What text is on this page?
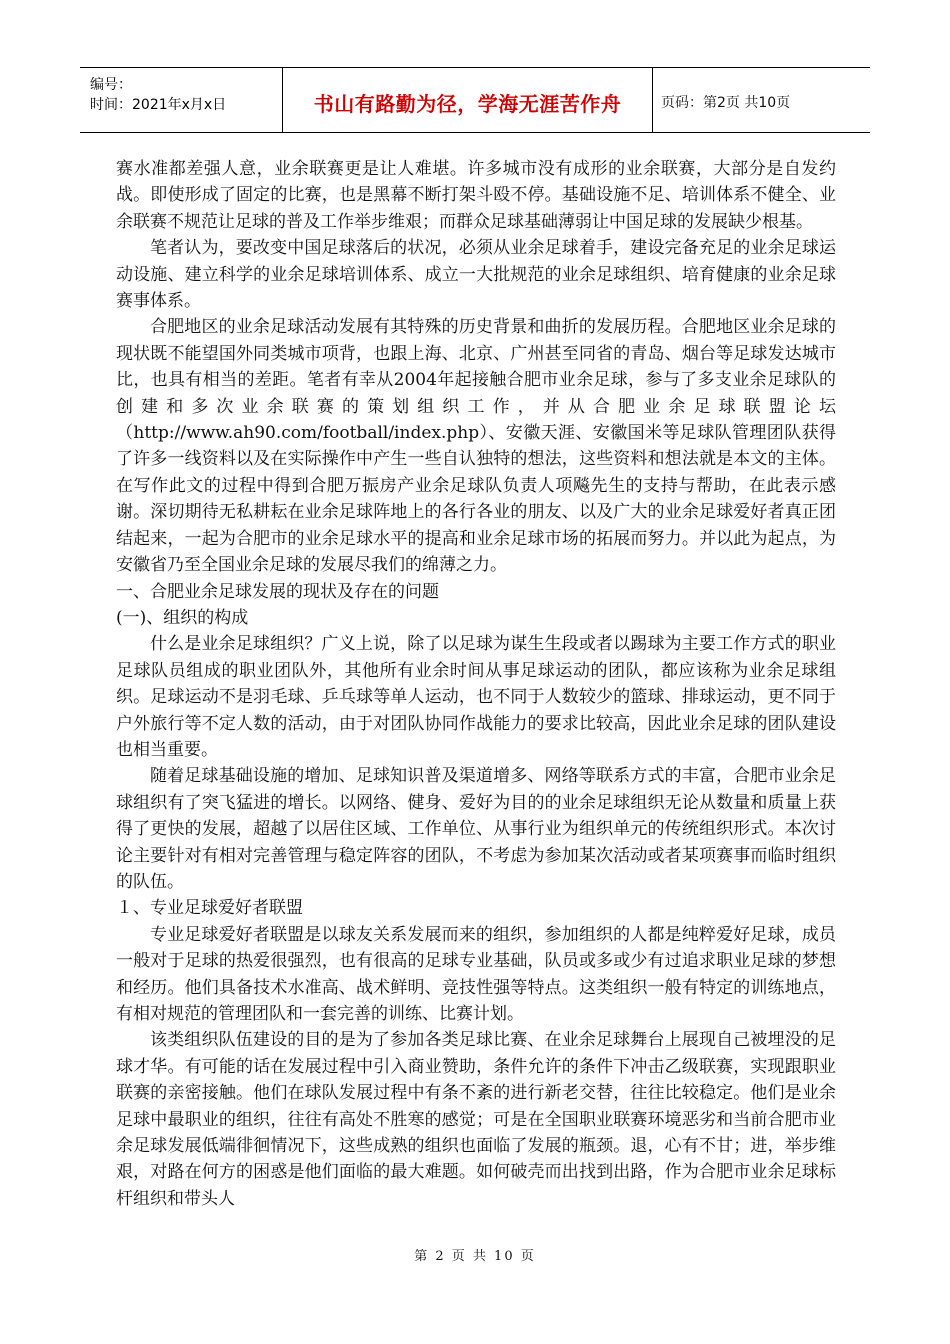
编号：
时间：2021年x月x日	书山有路勤为径，学海无涯苦作舟	页码：第2页 共10页

赛水准都差强人意，业余联赛更是让人难堪。许多城市没有成形的业余联赛，大部分是自发约战。即使形成了固定的比赛，也是黑幕不断打架斗殴不停。基础设施不足、培训体系不健全、业余联赛不规范让足球的普及工作举步维艰；而群众足球基础薄弱让中国足球的发展缺少根基。

笔者认为，要改变中国足球落后的状况，必须从业余足球着手，建设完备充足的业余足球运动设施、建立科学的业余足球培训体系、成立一大批规范的业余足球组织、培育健康的业余足球赛事体系。

合肥地区的业余足球活动发展有其特殊的历史背景和曲折的发展历程。合肥地区业余足球的现状既不能望国外同类城市项背，也跟上海、北京、广州甚至同省的青岛、烟台等足球发达城市比，也具有相当的差距。笔者有幸从2004年起接触合肥市业余足球，参与了多支业余足球队的创建和多次业余联赛的策划组织工作，并从合肥业余足球联盟论坛（http://www.ah90.com/football/index.php）、安徽天涯、安徽国米等足球队管理团队获得了许多一线资料以及在实际操作中产生一些自认独特的想法，这些资料和想法就是本文的主体。在写作此文的过程中得到合肥万振房产业余足球队负责人项飚先生的支持与帮助，在此表示感谢。深切期待无私耕耘在业余足球阵地上的各行各业的朋友、以及广大的业余足球爱好者真正团结起来，一起为合肥市的业余足球水平的提高和业余足球市场的拓展而努力。并以此为起点，为安徽省乃至全国业余足球的发展尽我们的绵薄之力。

一、合肥业余足球发展的现状及存在的问题

(一)、组织的构成

什么是业余足球组织？广义上说，除了以足球为谋生生段或者以踢球为主要工作方式的职业足球队员组成的职业团队外，其他所有业余时间从事足球运动的团队，都应该称为业余足球组织。足球运动不是羽毛球、乒乓球等单人运动，也不同于人数较少的篮球、排球运动，更不同于户外旅行等不定人数的活动，由于对团队协同作战能力的要求比较高，因此业余足球的团队建设也相当重要。

随着足球基础设施的增加、足球知识普及渠道增多、网络等联系方式的丰富，合肥市业余足球组织有了突飞猛进的增长。以网络、健身、爱好为目的的业余足球组织无论从数量和质量上获得了更快的发展，超越了以居住区域、工作单位、从事行业为组织单元的传统组织形式。本次讨论主要针对有相对完善管理与稳定阵容的团队，不考虑为参加某次活动或者某项赛事而临时组织的队伍。

１、专业足球爱好者联盟

专业足球爱好者联盟是以球友关系发展而来的组织，参加组织的人都是纯粹爱好足球，成员一般对于足球的热爱很强烈，也有很高的足球专业基础，队员或多或少有过追求职业足球的梦想和经历。他们具备技术水准高、战术鲜明、竞技性强等特点。这类组织一般有特定的训练地点，有相对规范的管理团队和一套完善的训练、比赛计划。

该类组织队伍建设的目的是为了参加各类足球比赛、在业余足球舞台上展现自己被埋没的足球才华。有可能的话在发展过程中引入商业赞助，条件允许的条件下冲击乙级联赛，实现跟职业联赛的亲密接触。他们在球队发展过程中有条不紊的进行新老交替，往往比较稳定。他们是业余足球中最职业的组织，往往有高处不胜寒的感觉；可是在全国职业联赛环境恶劣和当前合肥市业余足球发展低端徘徊情况下，这些成熟的组织也面临了发展的瓶颈。退，心有不甘；进，举步维艰，对路在何方的困惑是他们面临的最大难题。如何破壳而出找到出路，作为合肥市业余足球标杆组织和带头人

第 2 页 共 10 页
